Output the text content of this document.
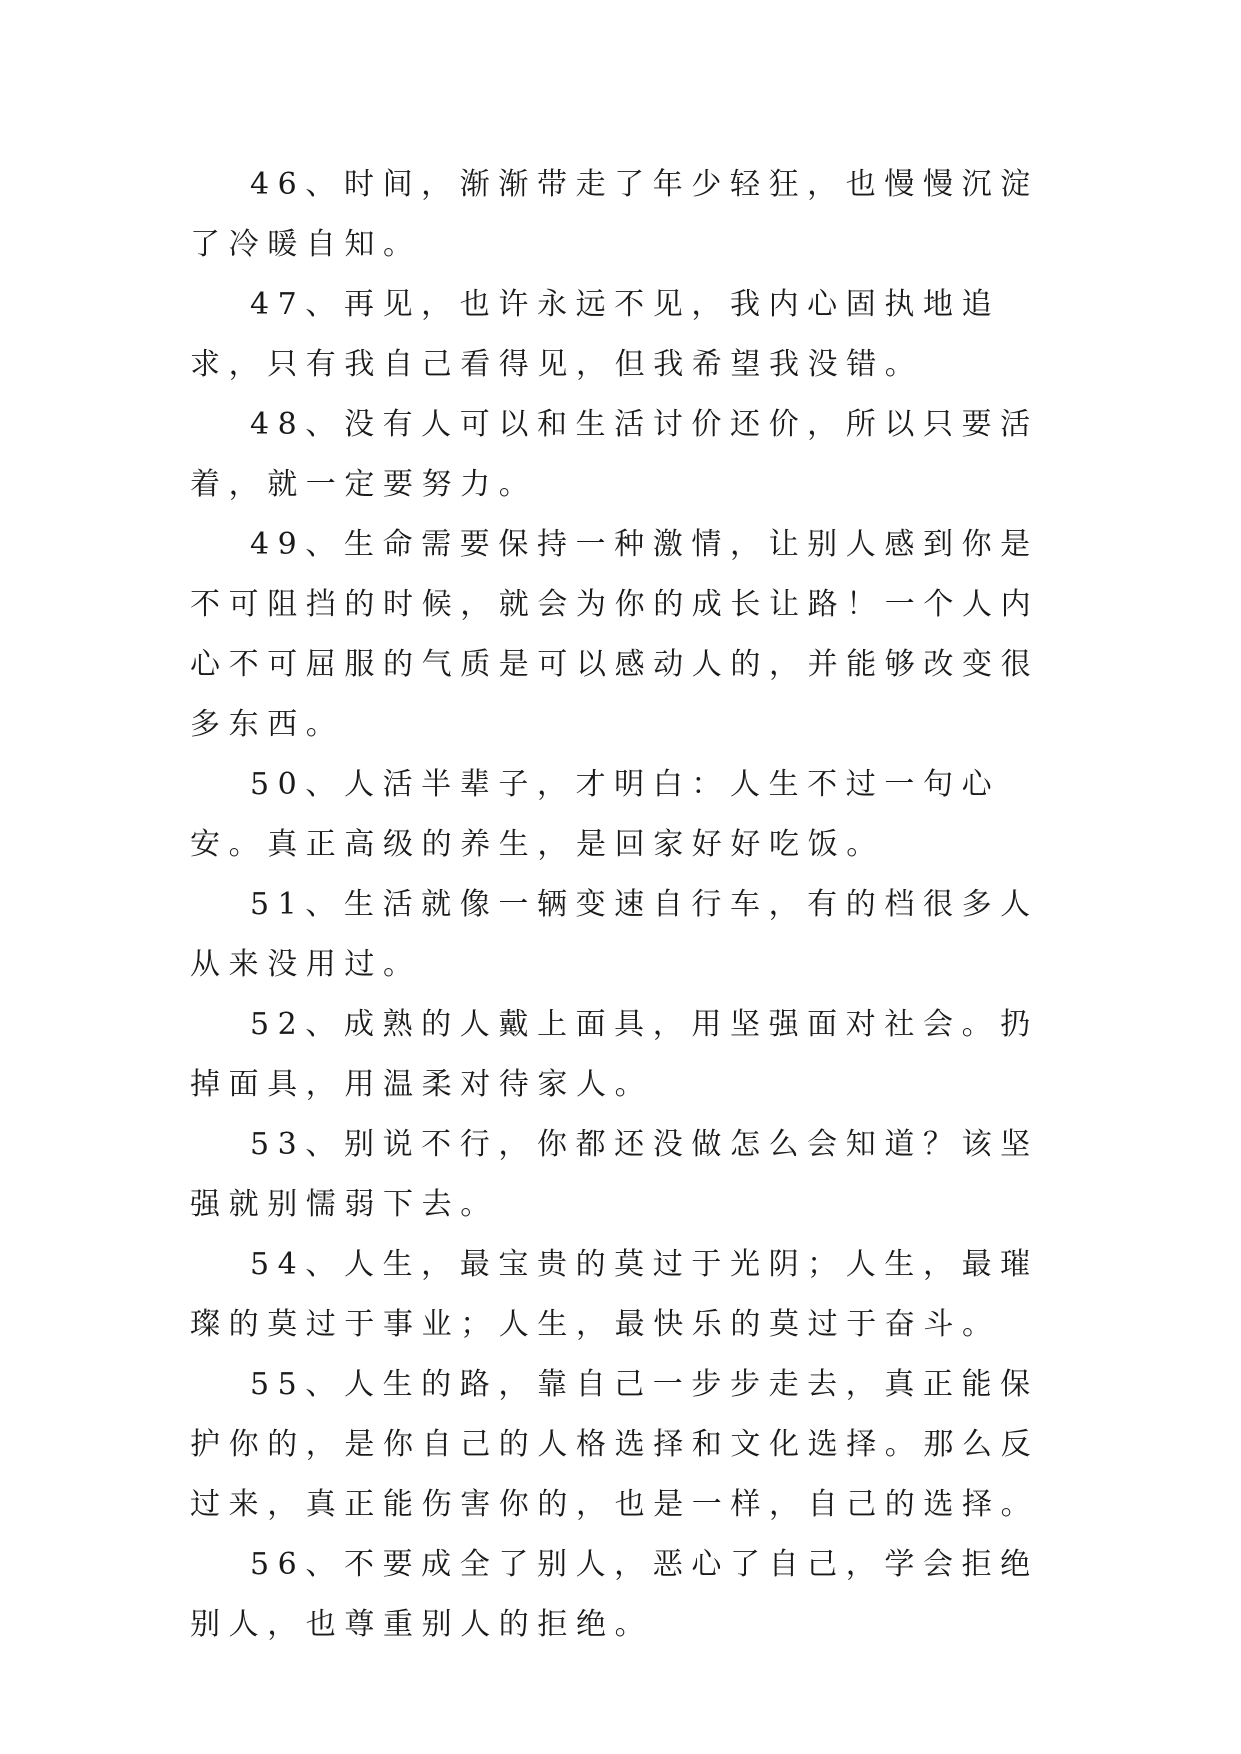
46、时间，渐渐带走了年少轻狂，也慢慢沉淀了冷暖自知。

47、再见，也许永远不见，我内心固执地追求，只有我自己看得见，但我希望我没错。

48、没有人可以和生活讨价还价，所以只要活着，就一定要努力。

49、生命需要保持一种激情，让别人感到你是不可阻挡的时候，就会为你的成长让路！一个人内心不可屈服的气质是可以感动人的，并能够改变很多东西。

50、人活半辈子，才明白：人生不过一句心安。真正高级的养生，是回家好好吃饭。

51、生活就像一辆变速自行车，有的档很多人从来没用过。

52、成熟的人戴上面具，用坚强面对社会。扔掉面具，用温柔对待家人。

53、别说不行，你都还没做怎么会知道？该坚强就别懦弱下去。

54、人生，最宝贵的莫过于光阴；人生，最璀璨的莫过于事业；人生，最快乐的莫过于奋斗。

55、人生的路，靠自己一步步走去，真正能保护你的，是你自己的人格选择和文化选择。那么反过来，真正能伤害你的，也是一样，自己的选择。

56、不要成全了别人，恶心了自己，学会拒绝别人，也尊重别人的拒绝。
